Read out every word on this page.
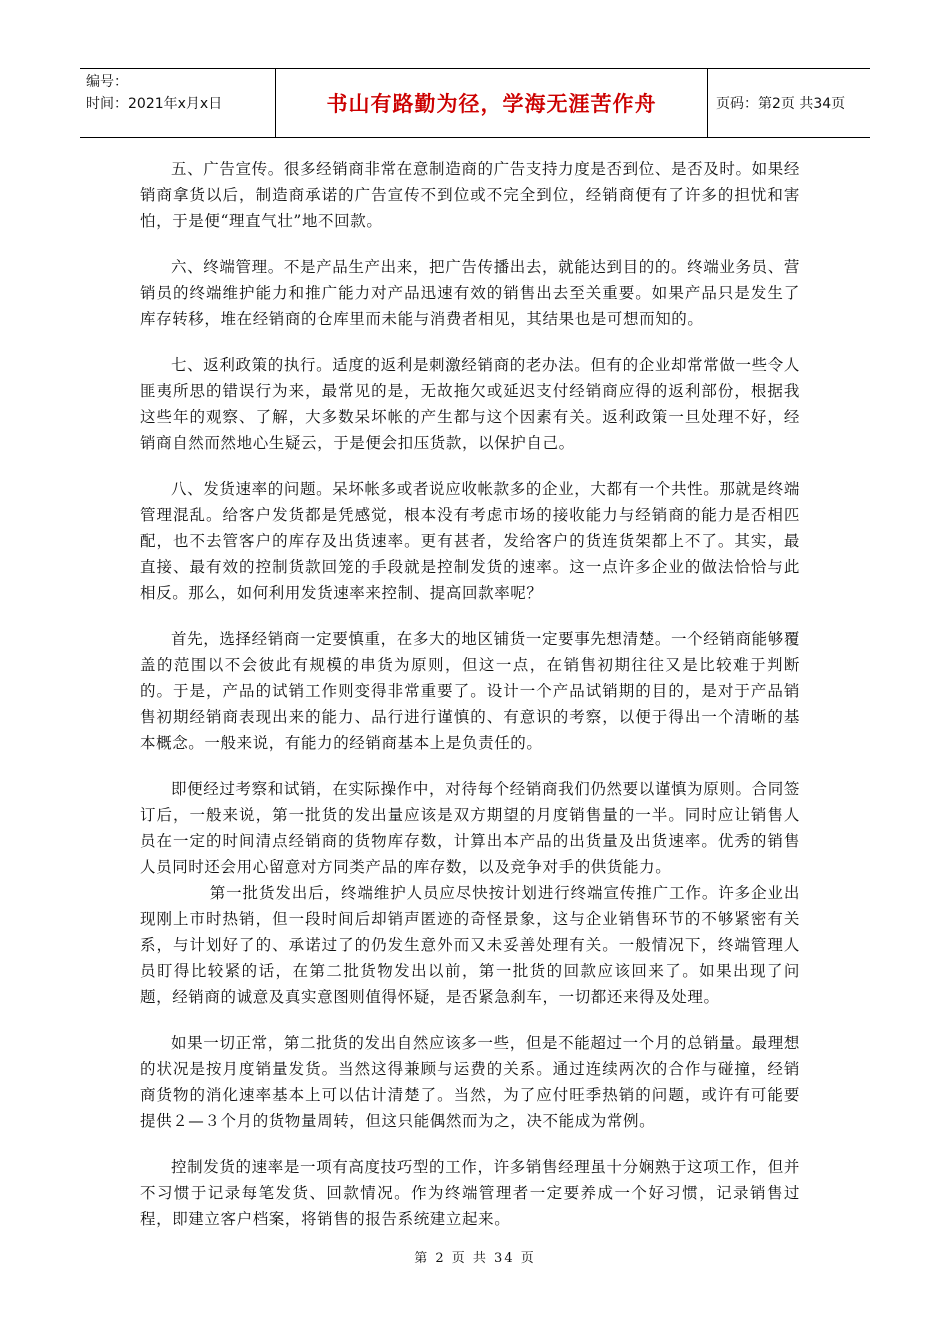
编号：
时间：2021年x月x日	书山有路勤为径，学海无涯苦作舟	页码：第2页 共34页

五、广告宣传。很多经销商非常在意制造商的广告支持力度是否到位、是否及时。如果经销商拿货以后，制造商承诺的广告宣传不到位或不完全到位，经销商便有了许多的担忧和害怕，于是便“理直气壮”地不回款。

六、终端管理。不是产品生产出来，把广告传播出去，就能达到目的的。终端业务员、营销员的终端维护能力和推广能力对产品迅速有效的销售出去至关重要。如果产品只是发生了库存转移，堆在经销商的仓库里而未能与消费者相见，其结果也是可想而知的。

七、返利政策的执行。适度的返利是刺激经销商的老办法。但有的企业却常常做一些令人匪夷所思的错误行为来，最常见的是，无故拖欠或延迟支付经销商应得的返利部份，根据我这些年的观察、了解，大多数呆坏帐的产生都与这个因素有关。返利政策一旦处理不好，经销商自然而然地心生疑云，于是便会扣压货款，以保护自己。

八、发货速率的问题。呆坏帐多或者说应收帐款多的企业，大都有一个共性。那就是终端管理混乱。给客户发货都是凭感觉，根本没有考虑市场的接收能力与经销商的能力是否相匹配，也不去管客户的库存及出货速率。更有甚者，发给客户的货连货架都上不了。其实，最直接、最有效的控制货款回笼的手段就是控制发货的速率。这一点许多企业的做法恰恰与此相反。那么，如何利用发货速率来控制、提高回款率呢？

首先，选择经销商一定要慎重，在多大的地区铺货一定要事先想清楚。一个经销商能够覆盖的范围以不会彼此有规模的串货为原则，但这一点，在销售初期往往又是比较难于判断的。于是，产品的试销工作则变得非常重要了。设计一个产品试销期的目的，是对于产品销售初期经销商表现出来的能力、品行进行谨慎的、有意识的考察，以便于得出一个清晰的基本概念。一般来说，有能力的经销商基本上是负责任的。

即便经过考察和试销，在实际操作中，对待每个经销商我们仍然要以谨慎为原则。合同签订后，一般来说，第一批货的发出量应该是双方期望的月度销售量的一半。同时应让销售人员在一定的时间清点经销商的货物库存数，计算出本产品的出货量及出货速率。优秀的销售人员同时还会用心留意对方同类产品的库存数，以及竞争对手的供货能力。

第一批货发出后，终端维护人员应尽快按计划进行终端宣传推广工作。许多企业出现刚上市时热销，但一段时间后却销声匿迹的奇怪景象，这与企业销售环节的不够紧密有关系，与计划好了的、承诺过了的仍发生意外而又未妥善处理有关。一般情况下，终端管理人员盯得比较紧的话，在第二批货物发出以前，第一批货的回款应该回来了。如果出现了问题，经销商的诚意及真实意图则值得怀疑，是否紧急刹车，一切都还来得及处理。

如果一切正常，第二批货的发出自然应该多一些，但是不能超过一个月的总销量。最理想的状况是按月度销量发货。当然这得兼顾与运费的关系。通过连续两次的合作与碰撞，经销商货物的消化速率基本上可以估计清楚了。当然，为了应付旺季热销的问题，或许有可能要提供２—３个月的货物量周转，但这只能偶然而为之，决不能成为常例。

控制发货的速率是一项有高度技巧型的工作，许多销售经理虽十分娴熟于这项工作，但并不习惯于记录每笔发货、回款情况。作为终端管理者一定要养成一个好习惯，记录销售过程，即建立客户档案，将销售的报告系统建立起来。

第 2 页 共 34 页
